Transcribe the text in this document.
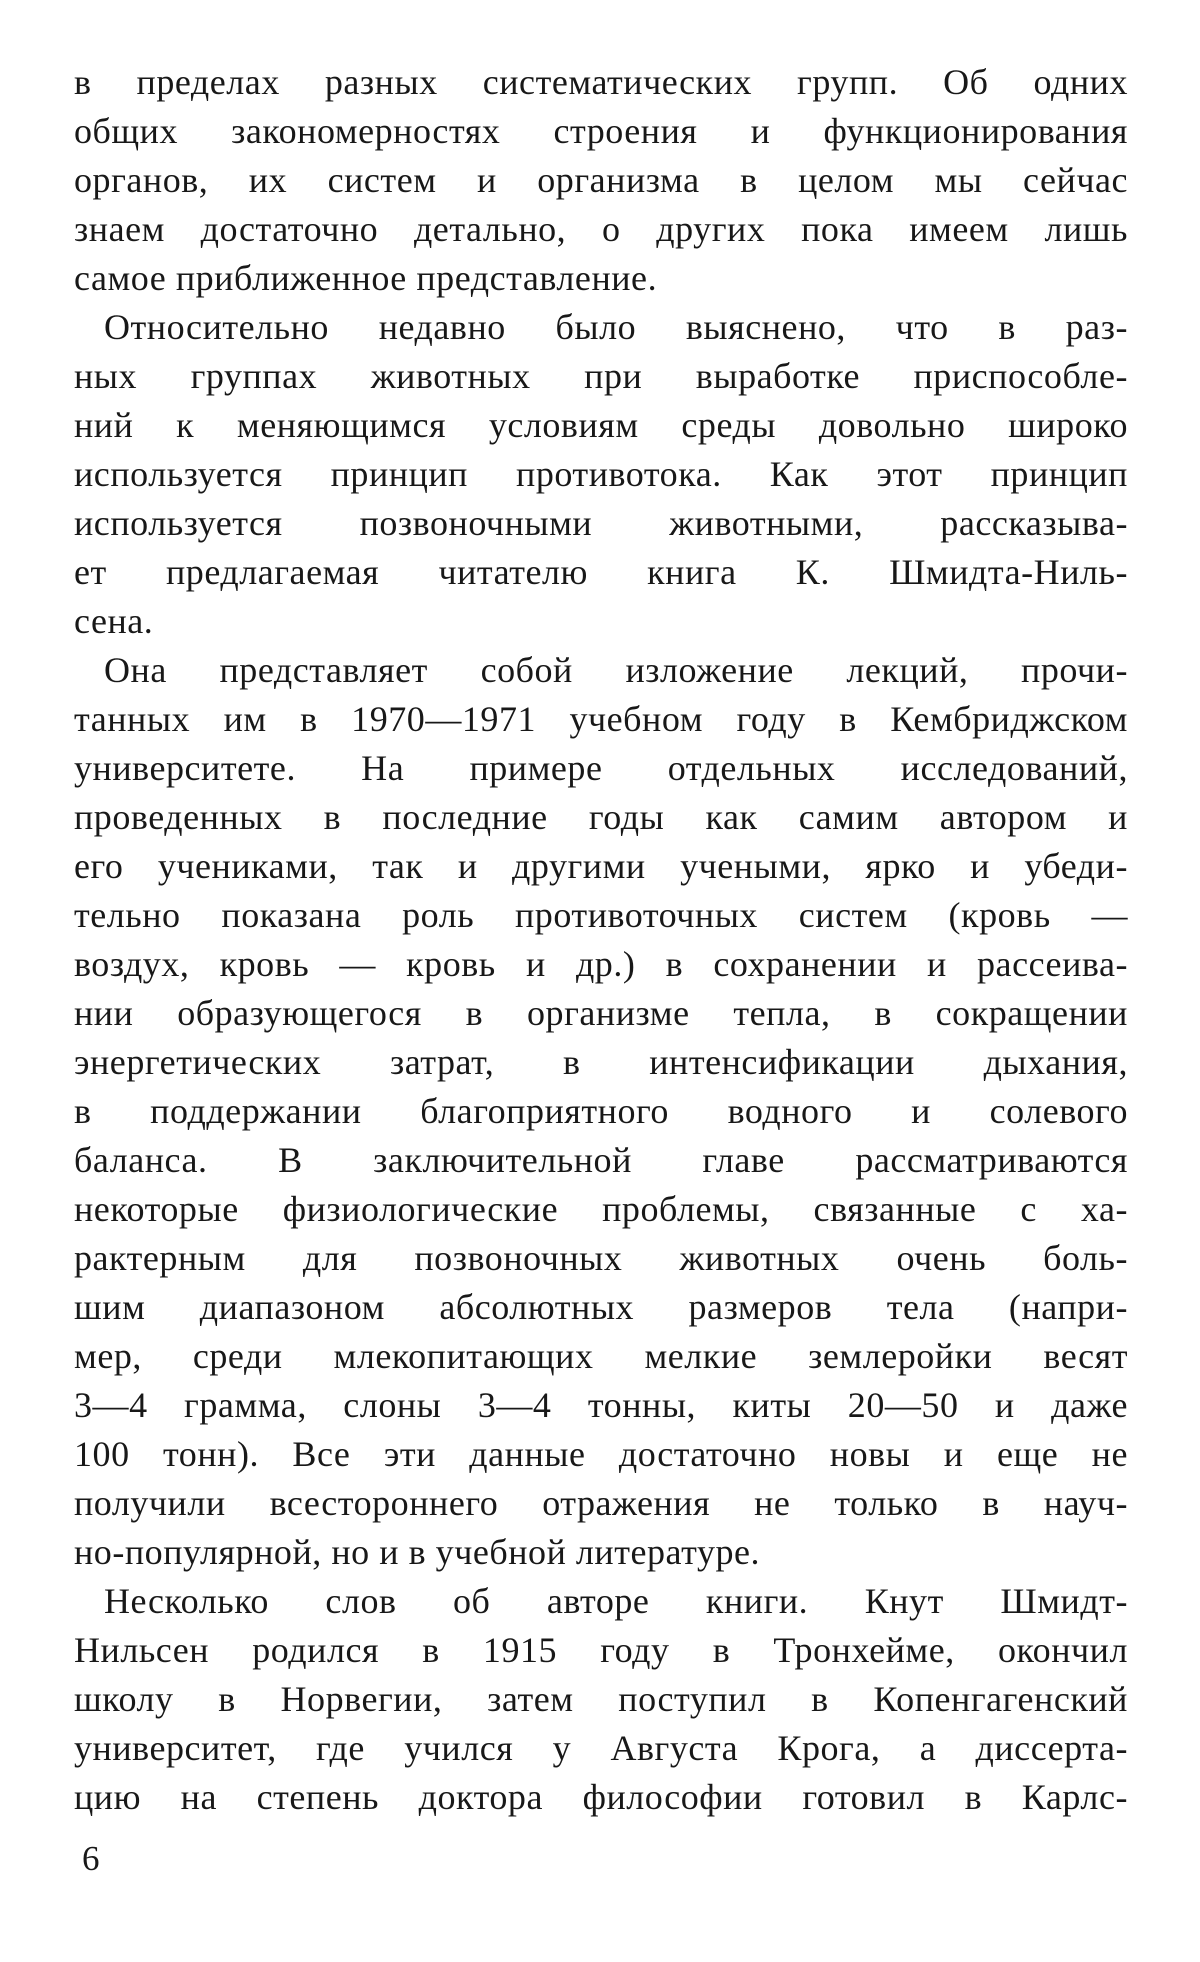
в пределах разных систематических групп. Об одних
общих закономерностях строения и функционирования
органов, их систем и организма в целом мы сейчас
знаем достаточно детально, о других пока имеем лишь
самое приближенное представление.
Относительно недавно было выяснено, что в раз-
ных группах животных при выработке приспособле-
ний к меняющимся условиям среды довольно широко
используется принцип противотока. Как этот принцип
используется позвоночными животными, рассказыва-
ет предлагаемая читателю книга К. Шмидта-Ниль-
сена.
Она представляет собой изложение лекций, прочи-
танных им в 1970—1971 учебном году в Кембриджском
университете. На примере отдельных исследований,
проведенных в последние годы как самим автором и
его учениками, так и другими учеными, ярко и убеди-
тельно показана роль противоточных систем (кровь —
воздух, кровь — кровь и др.) в сохранении и рассеива-
нии образующегося в организме тепла, в сокращении
энергетических затрат, в интенсификации дыхания,
в поддержании благоприятного водного и солевого
баланса. В заключительной главе рассматриваются
некоторые физиологические проблемы, связанные с ха-
рактерным для позвоночных животных очень боль-
шим диапазоном абсолютных размеров тела (напри-
мер, среди млекопитающих мелкие землеройки весят
3—4 грамма, слоны 3—4 тонны, киты 20—50 и даже
100 тонн). Все эти данные достаточно новы и еще не
получили всестороннего отражения не только в науч-
но-популярной, но и в учебной литературе.
Несколько слов об авторе книги. Кнут Шмидт-
Нильсен родился в 1915 году в Тронхейме, окончил
школу в Норвегии, затем поступил в Копенгагенский
университет, где учился у Августа Крога, а диссерта-
цию на степень доктора философии готовил в Карлс-
6
